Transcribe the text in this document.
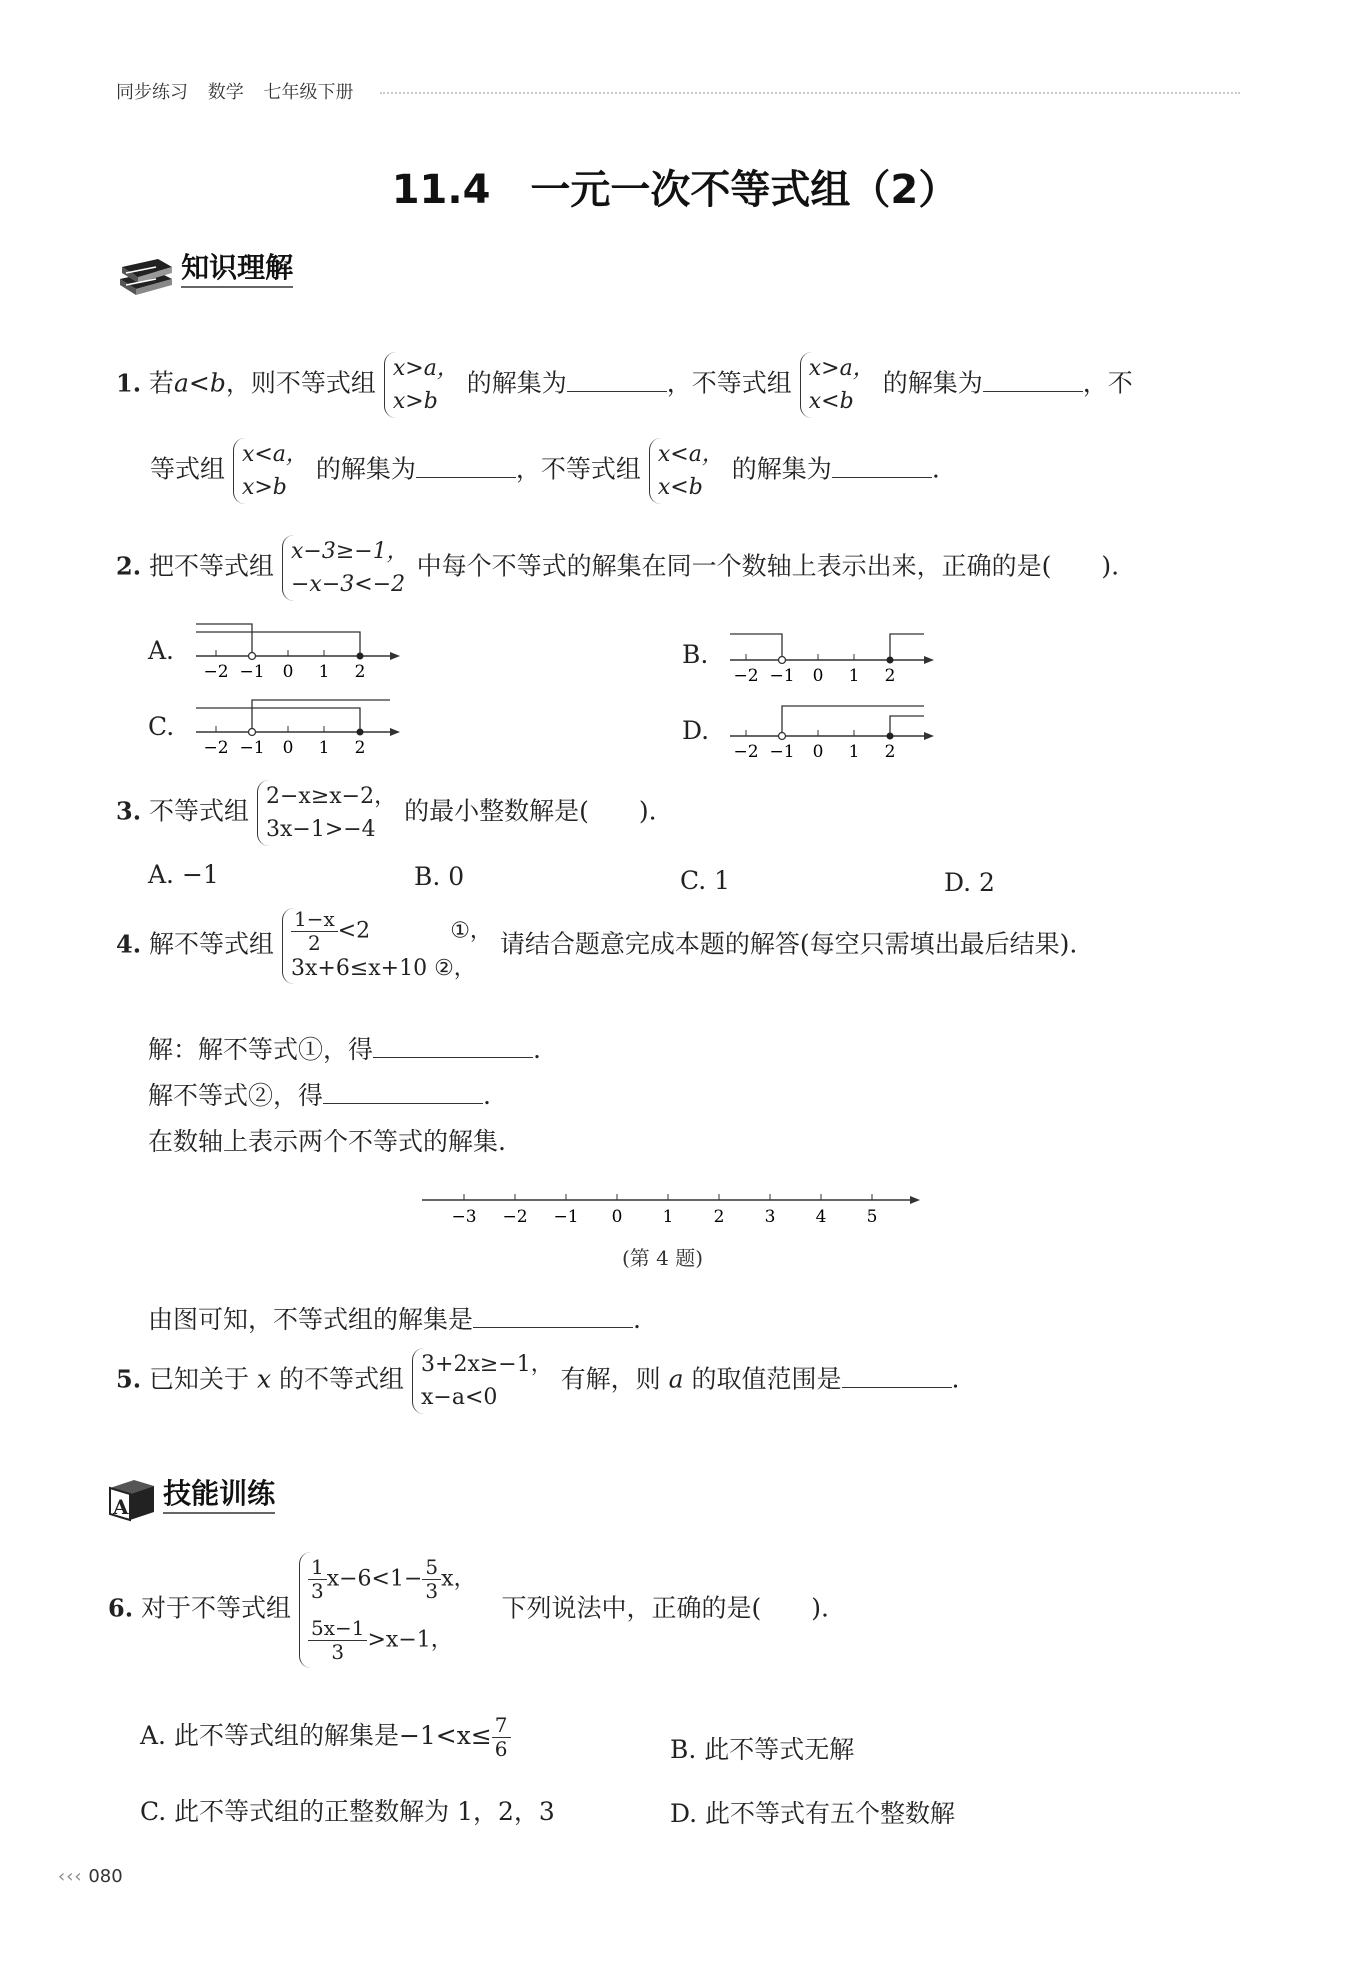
同步练习 数学 七年级下册
11.4 一元一次不等式组（2）
知识理解
1. 若a<b，则不等式组 x>a，
x>b
的解集为	，不等式组 x>a，
x<b
的解集为	，不
等式组 x<a，
x>b
的解集为	，不等式组 x<a，
x<b
的解集为	.
2. 把不等式组 x−3≥−1，
−x−3<−2
中每个不等式的解集在同一个数轴上表示出来，正确的是(　　).
A.
−2 −1 0 1 2
B.
−2 −1 0 1 2
C.
−2 −1 0 1 2
D.
−2 −1 0 1 2
3. 不等式组 2−x≥x−2，
3x−1>−4
的最小整数解是(　　).
A. −1	B. 0	C. 1	D. 2
4. 解不等式组 $\frac{1-x}{2} <2$	①，
3x+6≤x+10 ②，
请结合题意完成本题的解答(每空只需填出最后结果).
解：解不等式①，得	.
解不等式②，得	.
在数轴上表示两个不等式的解集.
−3 −2 −1 0 1 2 3 4 5
(第 4 题)
由图可知，不等式组的解集是	.
5. 已知关于 x 的不等式组 3+2x≥−1，
x−a<0
有解，则 a 的取值范围是	.
A 技能训练
6. 对于不等式组
$\frac{1}{3} x-6<1- \frac{5}{3}$ x，
$\frac{5x-1}{3} >x-1$，
下列说法中，正确的是(　　).
A. 此不等式组的解集是$-1<x\le \frac{7}{6}$	B. 此不等式无解
C. 此不等式组的正整数解为 1，2，3	D. 此不等式有五个整数解
‹‹‹ 080
